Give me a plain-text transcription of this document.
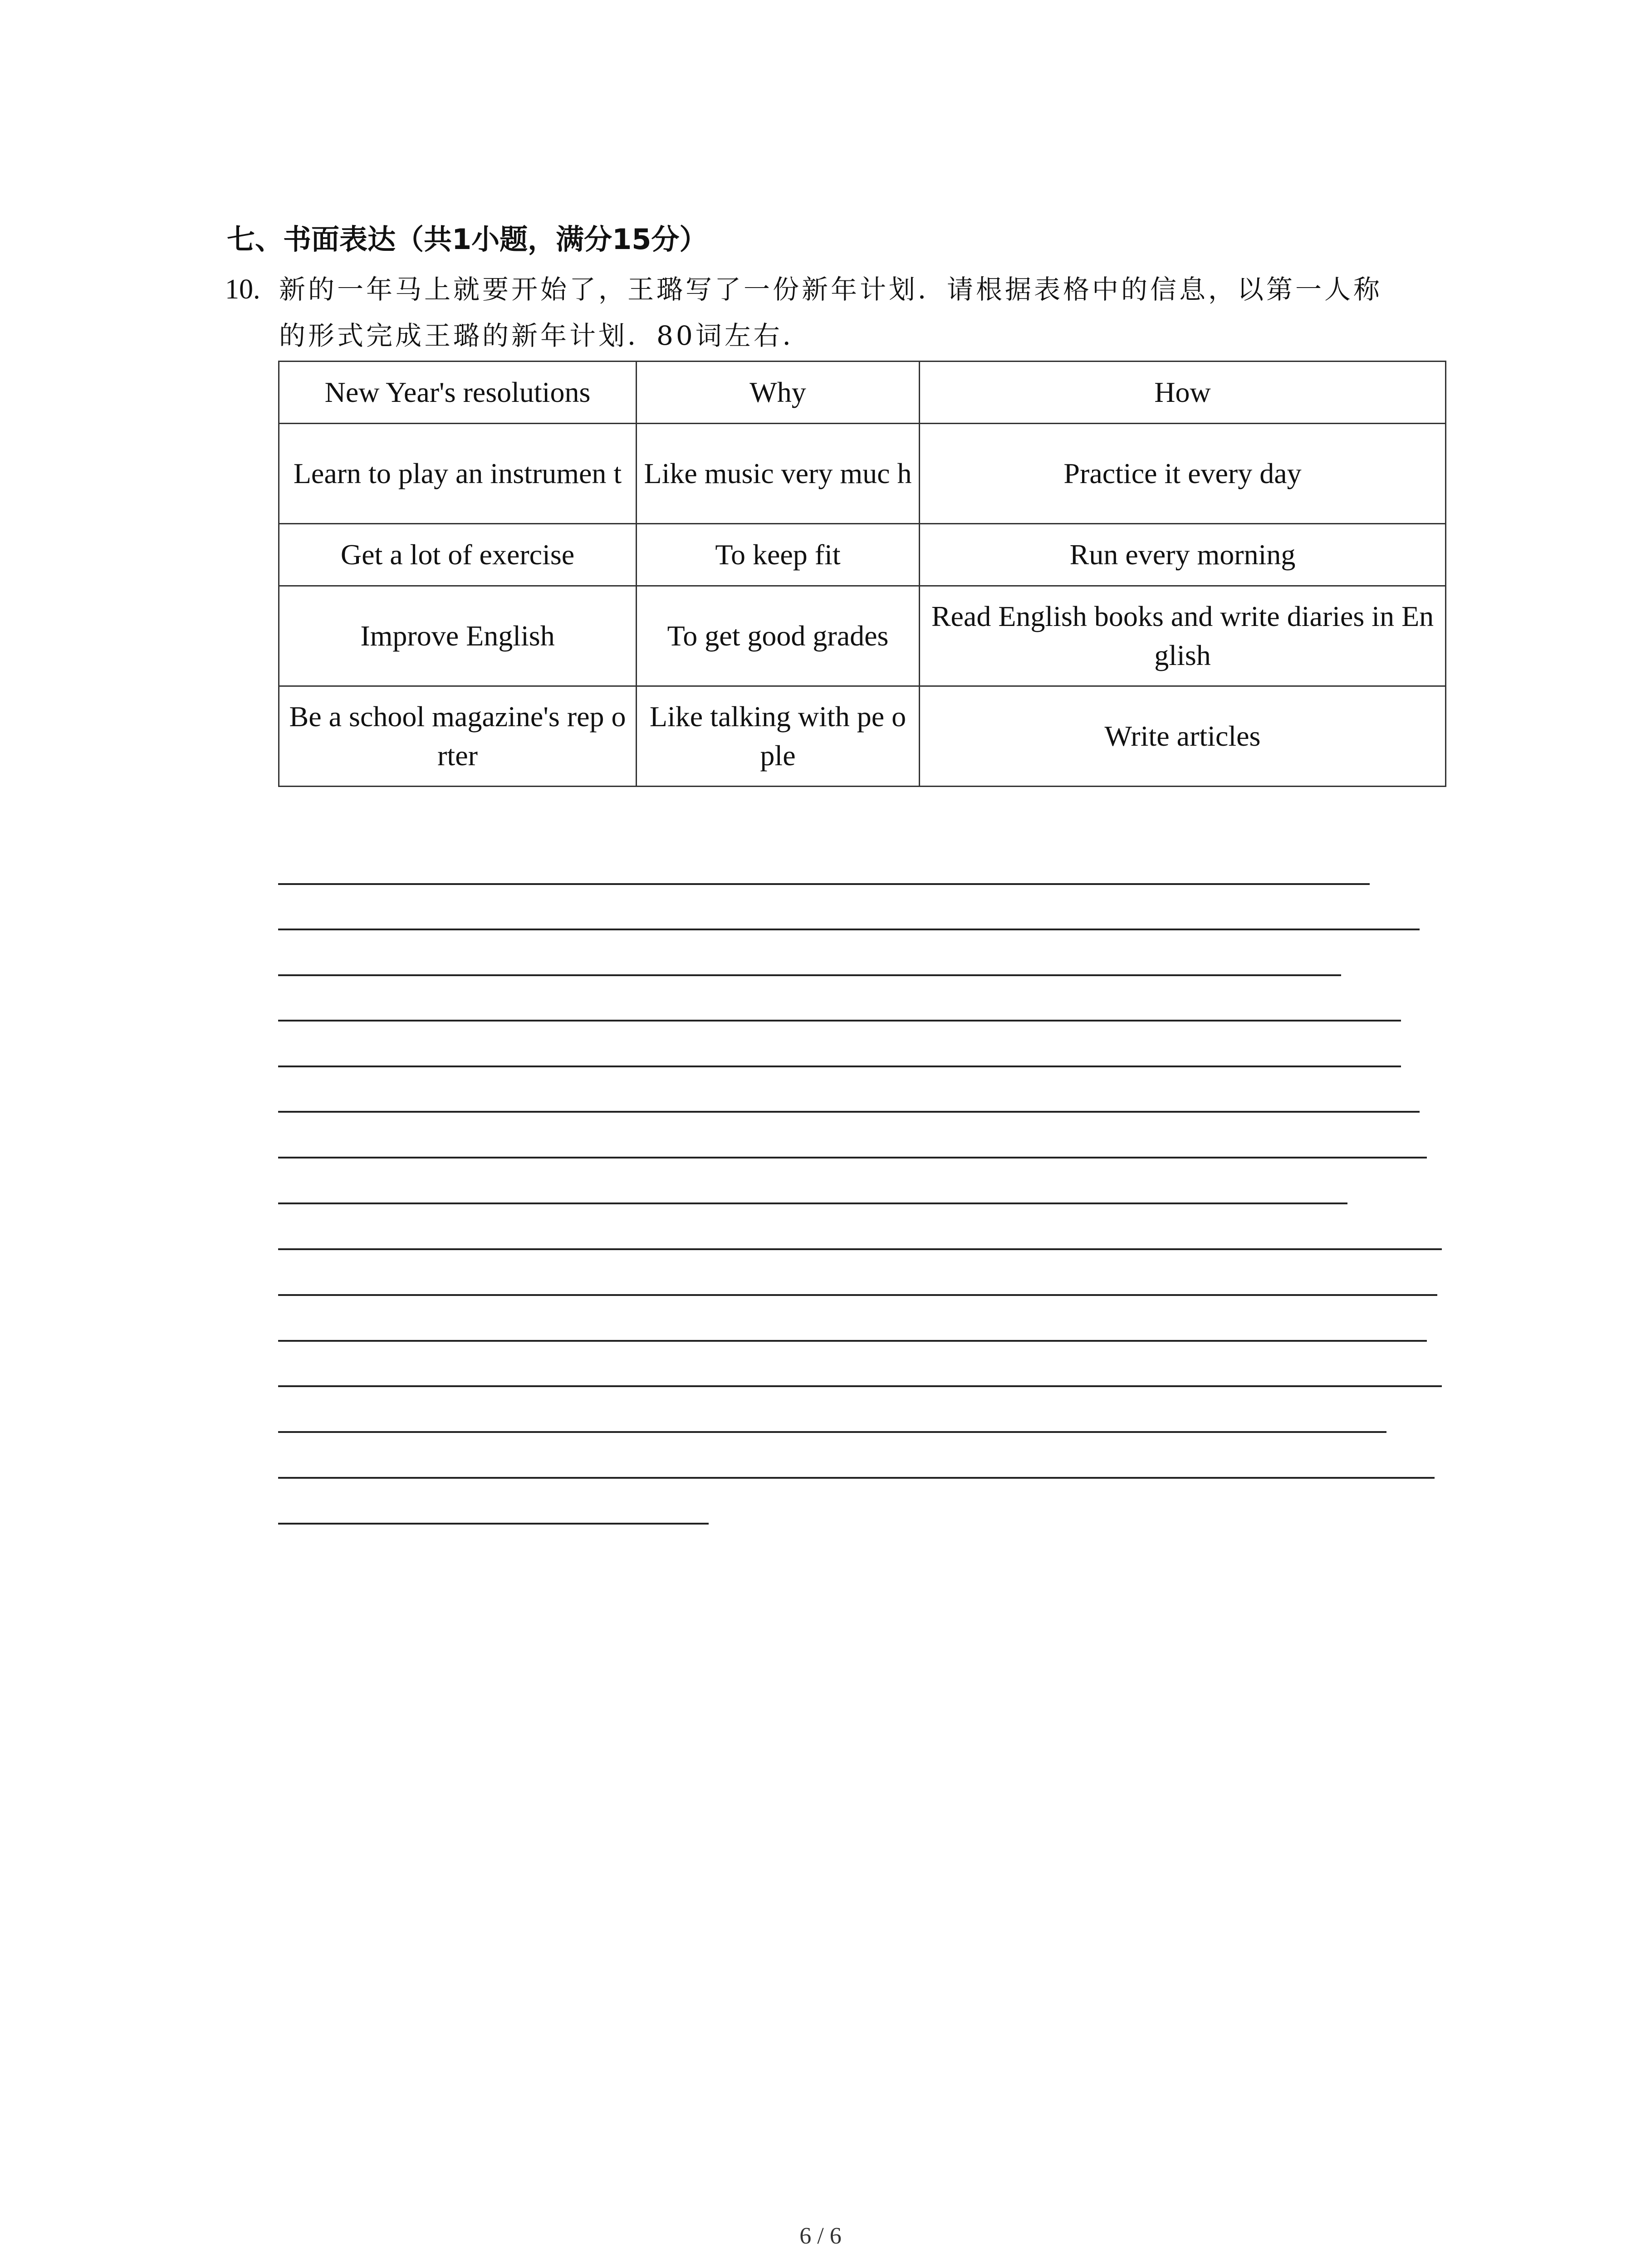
七、书面表达（共1小题，满分15分）
10. 新的一年马上就要开始了，王璐写了一份新年计划．请根据表格中的信息，以第一人称
的形式完成王璐的新年计划．80词左右．
New Year's resolutions	Why	How
Learn to play an instrumen t	Like music very muc h	Practice it every day
Get a lot of exercise	To keep fit	Run every morning
Improve English	To get good grades	Read English books and write diaries in English
Be a school magazine's rep orter	Like talking with pe ople	Write articles
6 / 6
